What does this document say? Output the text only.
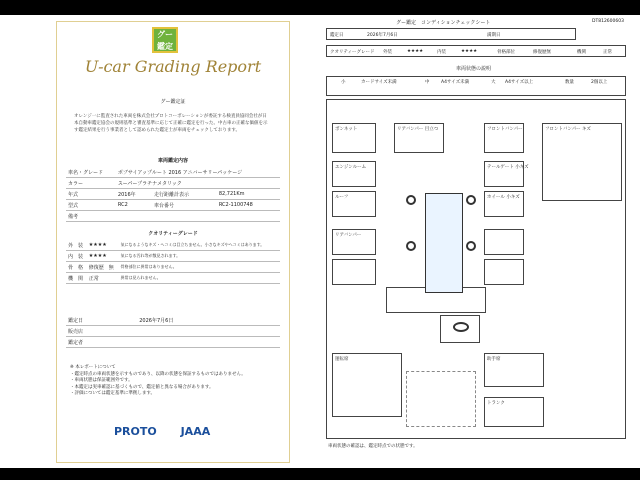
グー鑑定
U-car Grading Report
グー鑑定証
オレンジ一に監査された車両を株式会社プロトコーポレーションが委託する検査員協同会社が日本自動車鑑定協会の規則基準と審査基準に応じて正確に鑑定を行った。中古車の正確な価値を示す鑑定結果を行う事業者として認められた鑑定士が車両をチェックしております。
車両鑑定内容
車名・グレード	ボブサイアップルート 2016 アニバーサリーパッケージ		
カラー	スーパープラチナメタリック		
年式	2016年	走行距離計表示	82,721Km
型式	RC2	車台番号	RC2-1100748
備考			
クオリティーグレード
外　装	★★★★	気になるようなキズ・へコミは目立ちません。小さなキズやヘコミはあります。
内　装	★★★★	気になる汚れ等が散見されます。
骨　格	修復歴　無	骨格部位に異常はありません。
機　関	正常	異常は見られません。
鑑定日	2026年7月6日
販売店	
鑑定者	
※ 本レポートについて
・鑑定時点の車両状態を示すものであり、以降の状態を保証するものではありません。
・車両状態は保証範囲外です。
・本鑑定は実車確認に基づくもので、鑑定値と異なる場合があります。
・評価については鑑定基準に準拠します。
PROTO JAAA
グー鑑定　コンディションチェックシート	DT812600603
鑑定日	2026年7月6日	満期日
クオリティーグレード 外装	★★★★	内装	★★★★	骨格部位	修復歴無	機関	正常
車両状態の説明
小	カードサイズ未満	中	A4サイズ未満	大 A4サイズ以上	数量	2個以上
ボンネット	リアバンパー 目立つ	フロントバンパー	フロントバンパー キズ
エンジンルーム	テールゲート 小キズ
ルーフ	ホイール 小キズ
リアバンパー
運転席	助手席
トランク
車両状態の確認は、鑑定時点での状態です。
